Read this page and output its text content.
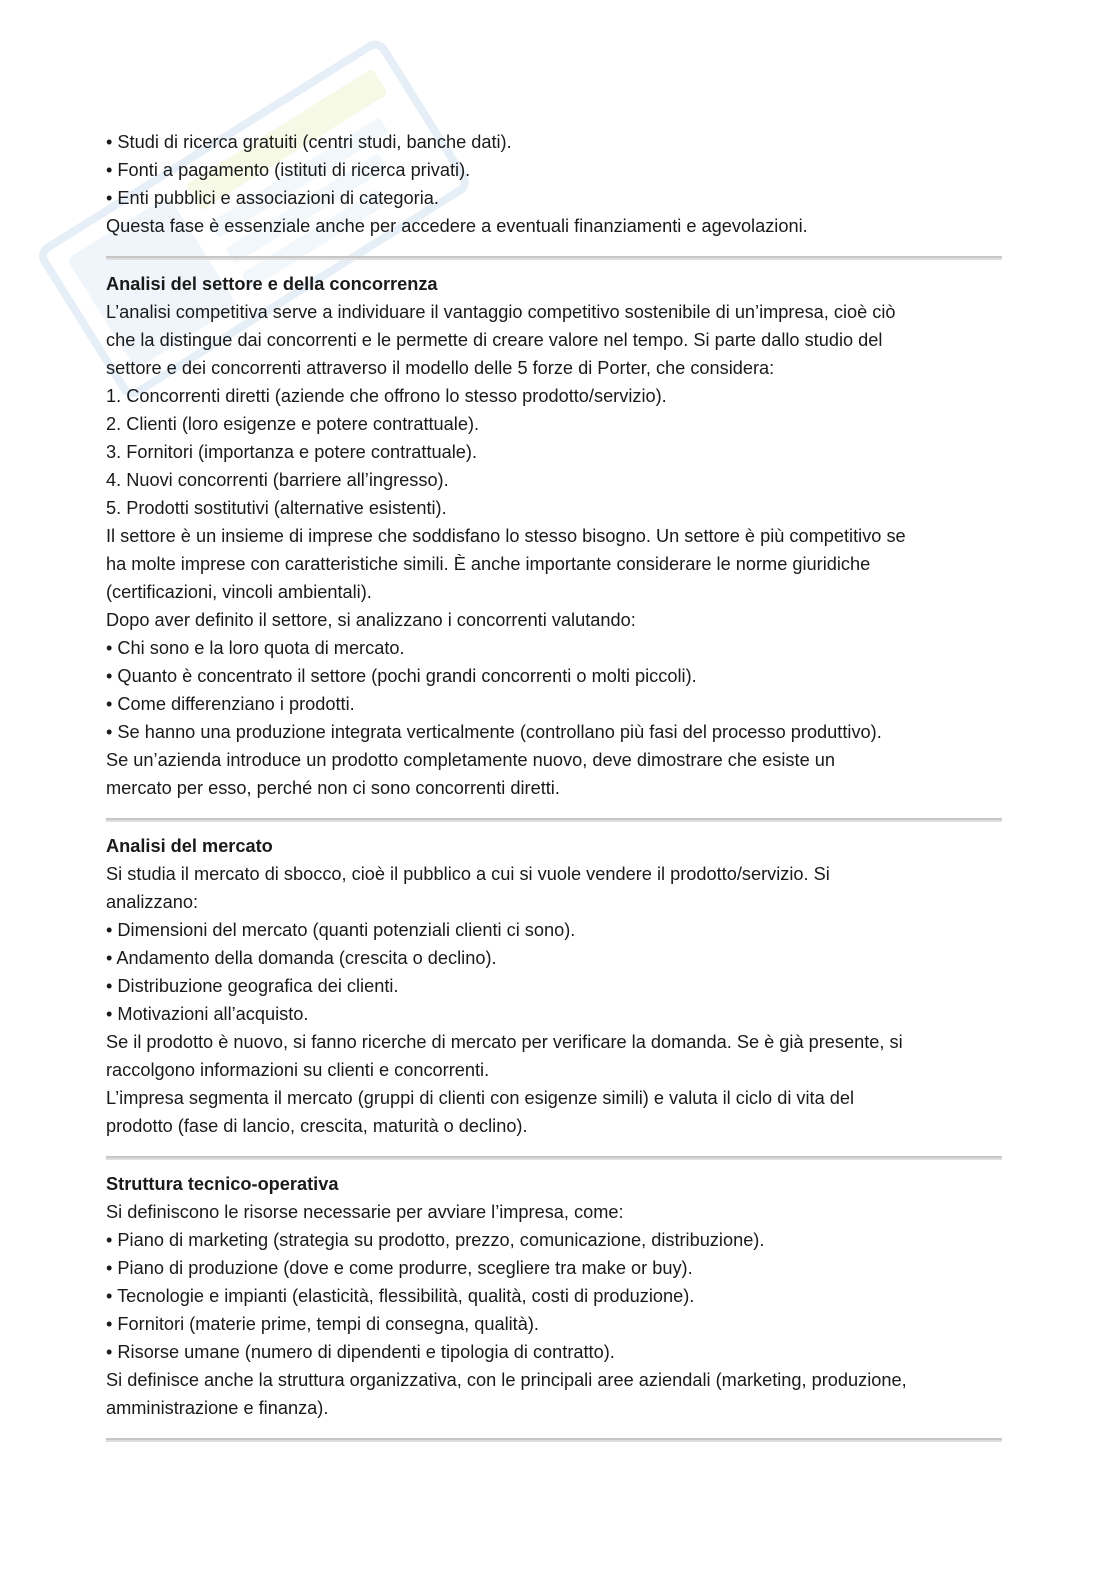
• Studi di ricerca gratuiti (centri studi, banche dati).
• Fonti a pagamento (istituti di ricerca privati).
• Enti pubblici e associazioni di categoria.
Questa fase è essenziale anche per accedere a eventuali finanziamenti e agevolazioni.
Analisi del settore e della concorrenza
L’analisi competitiva serve a individuare il vantaggio competitivo sostenibile di un’impresa, cioè ciò
che la distingue dai concorrenti e le permette di creare valore nel tempo. Si parte dallo studio del
settore e dei concorrenti attraverso il modello delle 5 forze di Porter, che considera:
1. Concorrenti diretti (aziende che offrono lo stesso prodotto/servizio).
2. Clienti (loro esigenze e potere contrattuale).
3. Fornitori (importanza e potere contrattuale).
4. Nuovi concorrenti (barriere all’ingresso).
5. Prodotti sostitutivi (alternative esistenti).
Il settore è un insieme di imprese che soddisfano lo stesso bisogno. Un settore è più competitivo se
ha molte imprese con caratteristiche simili. È anche importante considerare le norme giuridiche
(certificazioni, vincoli ambientali).
Dopo aver definito il settore, si analizzano i concorrenti valutando:
• Chi sono e la loro quota di mercato.
• Quanto è concentrato il settore (pochi grandi concorrenti o molti piccoli).
• Come differenziano i prodotti.
• Se hanno una produzione integrata verticalmente (controllano più fasi del processo produttivo).
Se un’azienda introduce un prodotto completamente nuovo, deve dimostrare che esiste un
mercato per esso, perché non ci sono concorrenti diretti.
Analisi del mercato
Si studia il mercato di sbocco, cioè il pubblico a cui si vuole vendere il prodotto/servizio. Si
analizzano:
• Dimensioni del mercato (quanti potenziali clienti ci sono).
• Andamento della domanda (crescita o declino).
• Distribuzione geografica dei clienti.
• Motivazioni all’acquisto.
Se il prodotto è nuovo, si fanno ricerche di mercato per verificare la domanda. Se è già presente, si
raccolgono informazioni su clienti e concorrenti.
L’impresa segmenta il mercato (gruppi di clienti con esigenze simili) e valuta il ciclo di vita del
prodotto (fase di lancio, crescita, maturità o declino).
Struttura tecnico-operativa
Si definiscono le risorse necessarie per avviare l’impresa, come:
• Piano di marketing (strategia su prodotto, prezzo, comunicazione, distribuzione).
• Piano di produzione (dove e come produrre, scegliere tra make or buy).
• Tecnologie e impianti (elasticità, flessibilità, qualità, costi di produzione).
• Fornitori (materie prime, tempi di consegna, qualità).
• Risorse umane (numero di dipendenti e tipologia di contratto).
Si definisce anche la struttura organizzativa, con le principali aree aziendali (marketing, produzione,
amministrazione e finanza).
